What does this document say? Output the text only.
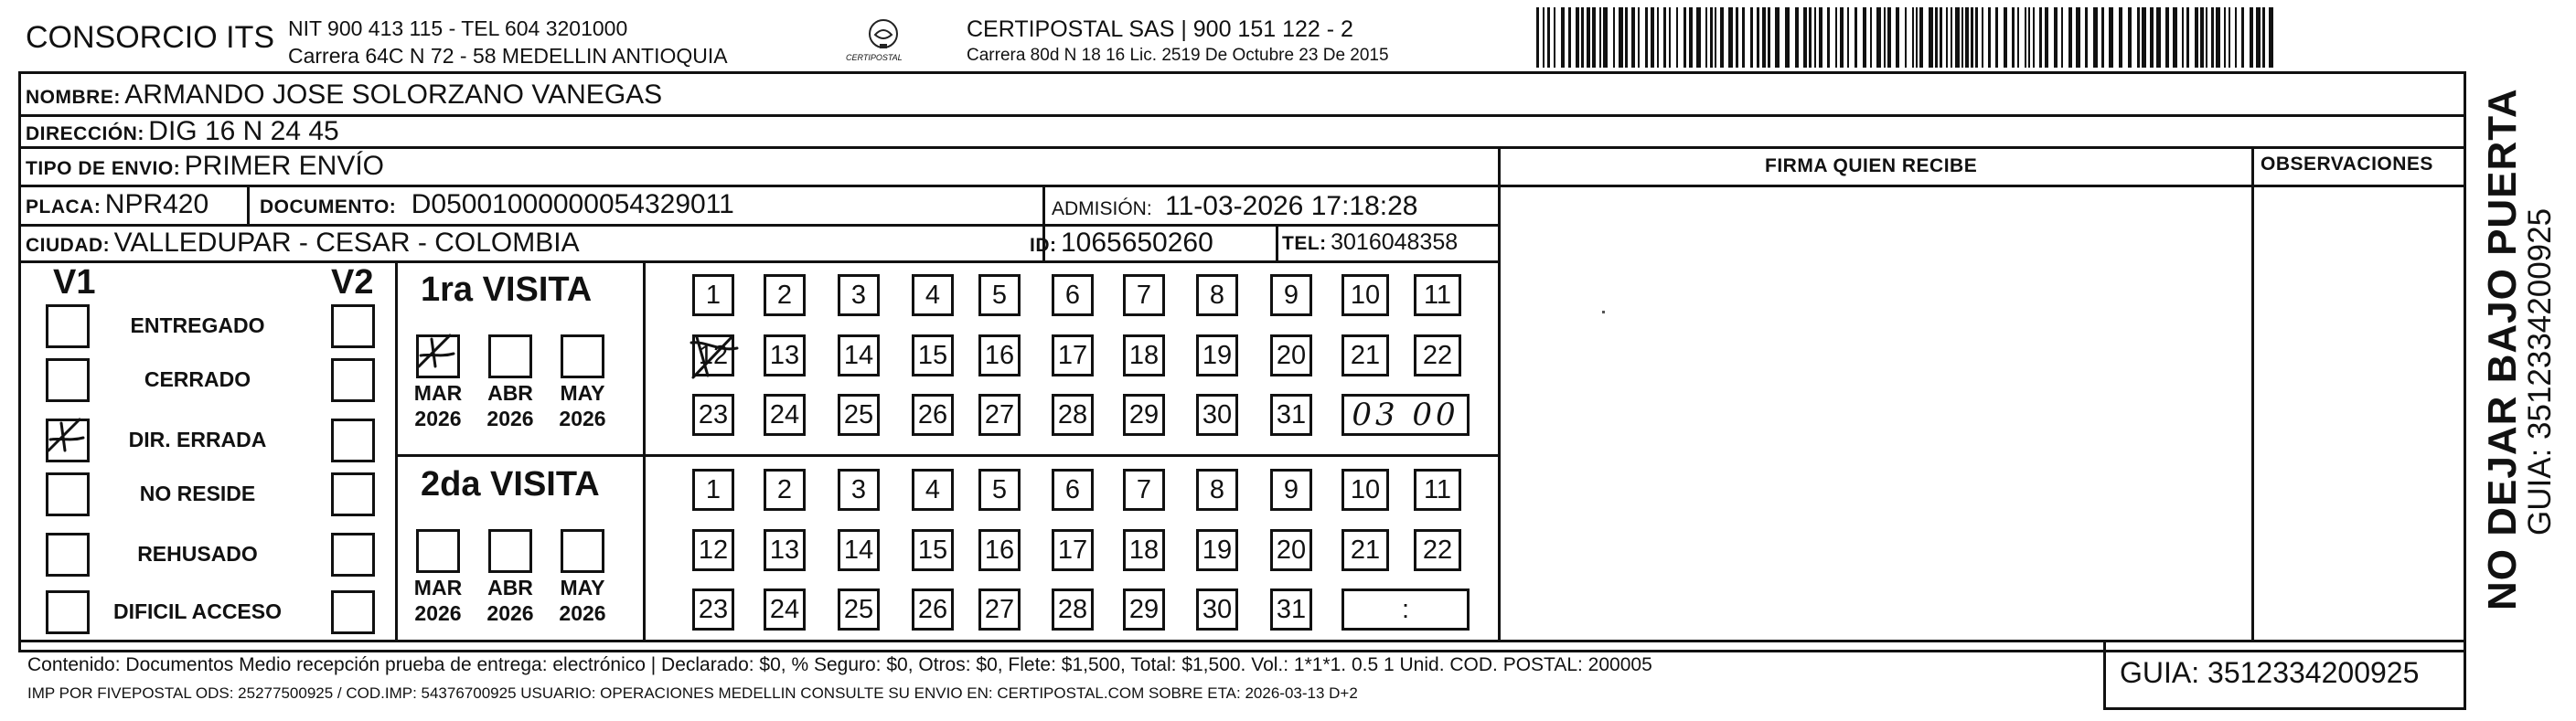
CONSORCIO ITS NIT 900 413 115 - TEL 604 3201000
Carrera 64C N 72 - 58 MEDELLIN ANTIOQUIA	CERTIPOSTAL
CERTIPOSTAL SAS | 900 151 122 - 2
Carrera 80d N 18 16 Lic. 2519 De Octubre 23 De 2015
NOMBRE: ARMANDO JOSE SOLORZANO VANEGAS
DIRECCIÓN: DIG 16 N 24 45
TIPO DE ENVIO: PRIMER ENVÍO
PLACA: NPR420	DOCUMENTO: D05001000000054329011	ADMISIÓN: 11-03-2026 17:18:28
CIUDAD: VALLEDUPAR - CESAR - COLOMBIA	ID: 1065650260	TEL: 3016048358
FIRMA QUIEN RECIBE	OBSERVACIONES
V1	V2
ENTREGADO
CERRADO
DIR. ERRADA
NO RESIDE
REHUSADO
DIFICIL ACCESO
1ra VISITA
2da VISITA
MAR
2026
ABR
2026
MAY
2026
1 2 3 4 5 6 7 8 9 10 11
12 13 14 15 16 17 18 19 20 21 22
23 24 25 26 27 28 29 30 31 03 00
MAR
2026
ABR
2026
MAY
2026
1 2 3 4 5 6 7 8 9 10 11
12 13 14 15 16 17 18 19 20 21 22
23 24 25 26 27 28 29 30 31	:
Contenido: Documentos Medio recepción prueba de entrega: electrónico | Declarado: $0, % Seguro: $0, Otros: $0, Flete: $1,500, Total: $1,500. Vol.: 1*1*1. 0.5 1 Unid. COD. POSTAL: 200005
IMP POR FIVEPOSTAL ODS: 25277500925 / COD.IMP: 54376700925 USUARIO: OPERACIONES MEDELLIN CONSULTE SU ENVIO EN: CERTIPOSTAL.COM SOBRE ETA: 2026-03-13 D+2
GUIA: 3512334200925
NO DEJAR BAJO PUERTA
GUIA: 3512334200925
